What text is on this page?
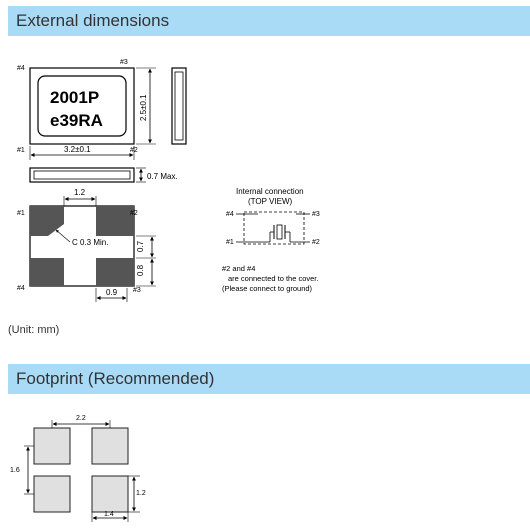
External dimensions
2001P
e39RA
#4
#3
#1	#2
3.2±0.1
2.5±0.1
0.7 Max.
#1	#2
#4	#3
1.2
C 0.3 Min.	0.7
0.8
0.9
Internal connection
(TOP VIEW)
#4	#3
#1	#2
#2 and #4
are connected to the cover.
(Please connect to ground)
2.2
1.6
1.2
1.4
(Unit: mm)
Footprint (Recommended)
